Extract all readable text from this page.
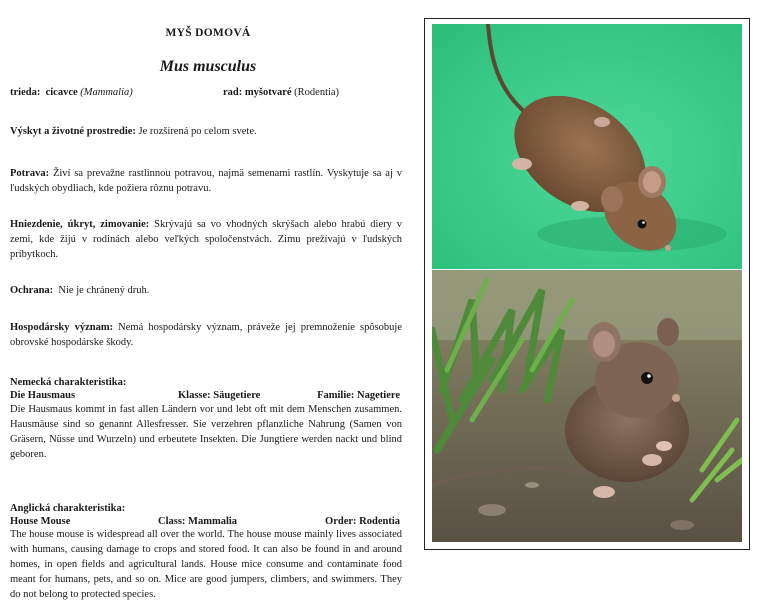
MYŠ DOMOVÁ
Mus musculus
trieda: cicavce (Mammalia)	rad: myšotvaré (Rodentia)
Výskyt a životné prostredie: Je rozšírená po celom svete.
Potrava: Živí sa prevažne rastlinnou potravou, najmä semenami rastlín. Vyskytuje sa aj v ľudských obydliach, kde požiera rôznu potravu.
Hniezdenie, úkryt, zimovanie: Skrývajú sa vo vhodných skrýšach alebo hrabú diery v zemi, kde žijú v rodinách alebo veľkých spoločenstvách. Zimu prežívajú v ľudských príbytkoch.
Ochrana:  Nie je chránený druh.
Hospodársky význam: Nemá hospodársky význam, práveže jej premnoženie spôsobuje obrovské hospodárske škody.
Nemecká charakteristika:
Die Hausmaus	Klasse: Säugetiere	Familie: Nagetiere
Die Hausmaus kommt in fast allen Ländern vor und lebt oft mit dem Menschen zusammen. Hausmäuse sind so genannt Allesfresser. Sie verzehren pflanzliche Nahrung (Samen von Gräsern, Nüsse und Wurzeln) und erbeutete Insekten. Die Jungtiere werden nackt und blind geboren.
Anglická charakteristika:
House Mouse	Class: Mammalia	Order: Rodentia
The house mouse is widespread all over the world. The house mouse mainly lives associated with humans, causing damage to crops and stored food. It can also be found in and around homes, in open fields and agricultural lands. House mice consume and contaminate food meant for humans, pets, and so on. Mice are good jumpers, climbers, and swimmers. They do not belong to protected species.
